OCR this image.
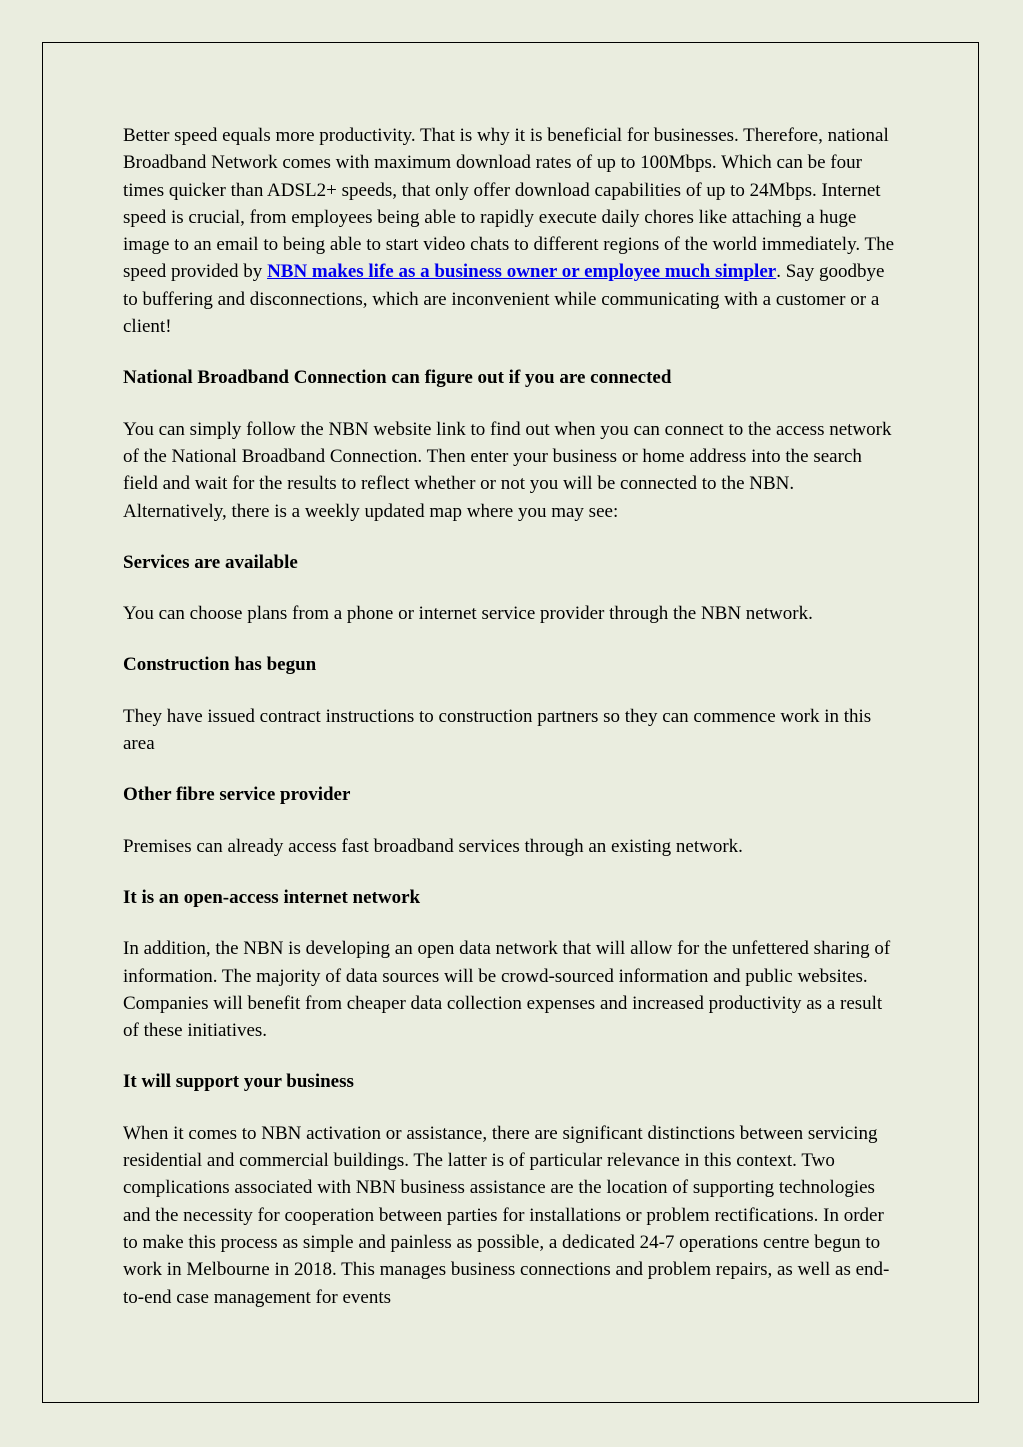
Better speed equals more productivity. That is why it is beneficial for businesses. Therefore, national Broadband Network comes with maximum download rates of up to 100Mbps. Which can be four times quicker than ADSL2+ speeds, that only offer download capabilities of up to 24Mbps. Internet speed is crucial, from employees being able to rapidly execute daily chores like attaching a huge image to an email to being able to start video chats to different regions of the world immediately. The speed provided by NBN makes life as a business owner or employee much simpler. Say goodbye to buffering and disconnections, which are inconvenient while communicating with a customer or a client!

National Broadband Connection can figure out if you are connected

You can simply follow the NBN website link to find out when you can connect to the access network of the National Broadband Connection. Then enter your business or home address into the search field and wait for the results to reflect whether or not you will be connected to the NBN. Alternatively, there is a weekly updated map where you may see:

Services are available

You can choose plans from a phone or internet service provider through the NBN network.

Construction has begun

They have issued contract instructions to construction partners so they can commence work in this area

Other fibre service provider

Premises can already access fast broadband services through an existing network.

It is an open-access internet network

In addition, the NBN is developing an open data network that will allow for the unfettered sharing of information. The majority of data sources will be crowd-sourced information and public websites. Companies will benefit from cheaper data collection expenses and increased productivity as a result of these initiatives.

It will support your business

When it comes to NBN activation or assistance, there are significant distinctions between servicing residential and commercial buildings. The latter is of particular relevance in this context. Two complications associated with NBN business assistance are the location of supporting technologies and the necessity for cooperation between parties for installations or problem rectifications. In order to make this process as simple and painless as possible, a dedicated 24-7 operations centre begun to work in Melbourne in 2018. This manages business connections and problem repairs, as well as end-to-end case management for events
